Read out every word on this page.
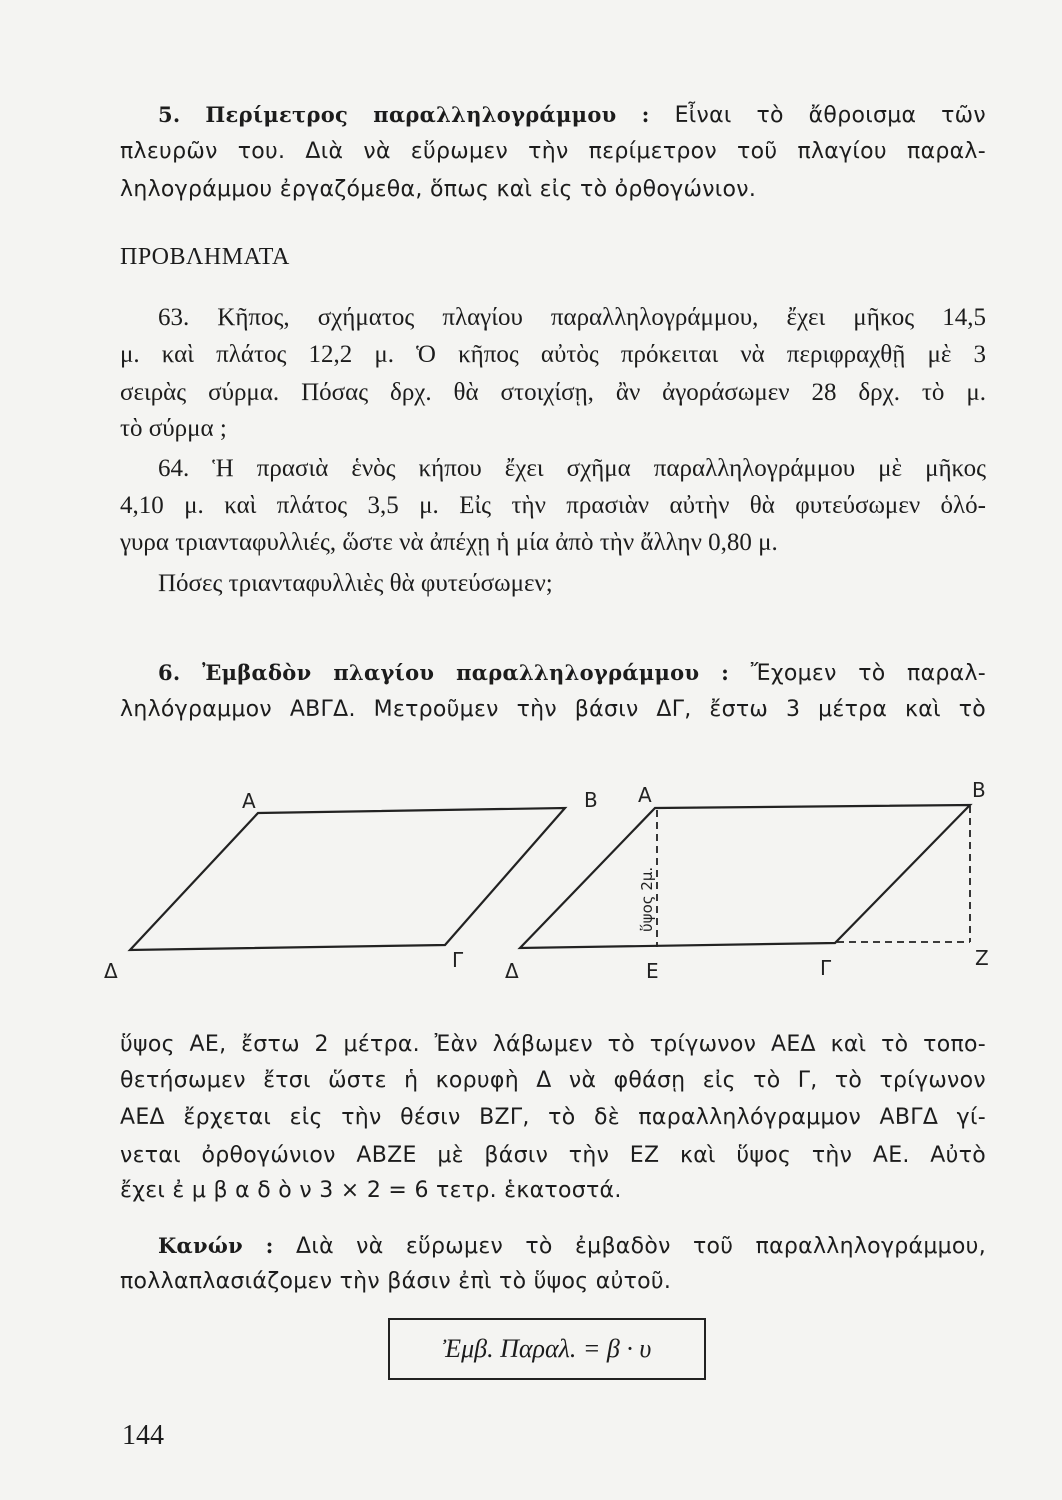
5. Περίμετρος παραλληλογράμμου : Εἶναι τὸ ἄθροισμα τῶν
πλευρῶν του. Διὰ νὰ εὕρωμεν τὴν περίμετρον τοῦ πλαγίου παραλ-
ληλογράμμου ἐργαζόμεθα, ὅπως καὶ εἰς τὸ ὀρθογώνιον.
ΠΡΟΒΛΗΜΑΤΑ
63. Κῆπος, σχήματος πλαγίου παραλληλογράμμου, ἔχει μῆκος 14,5
μ. καὶ πλάτος 12,2 μ. Ὁ κῆπος αὐτὸς πρόκειται νὰ περιφραχθῇ μὲ 3
σειρὰς σύρμα. Πόσας δρχ. θὰ στοιχίσῃ, ἂν ἀγοράσωμεν 28 δρχ. τὸ μ.
τὸ σύρμα ;
64. Ἡ πρασιὰ ἑνὸς κήπου ἔχει σχῆμα παραλληλογράμμου μὲ μῆκος
4,10 μ. καὶ πλάτος 3,5 μ. Εἰς τὴν πρασιὰν αὐτὴν θὰ φυτεύσωμεν ὁλό-
γυρα τριανταφυλλιές, ὥστε νὰ ἀπέχῃ ἡ μία ἀπὸ τὴν ἄλλην 0,80 μ.
Πόσες τριανταφυλλιὲς θὰ φυτεύσωμεν;
6. Ἐμβαδὸν πλαγίου παραλληλογράμμου : Ἔχομεν τὸ παραλ-
ληλόγραμμον ΑΒΓΔ. Μετροῦμεν τὴν βάσιν ΔΓ, ἔστω 3 μέτρα καὶ τὸ
A	B
Γ
Δ
A	B
Γ
Δ	E
Z
ὕψος 2μ.
ὕψος ΑΕ, ἔστω 2 μέτρα. Ἐὰν λάβωμεν τὸ τρίγωνον ΑΕΔ καὶ τὸ τοπο-
θετήσωμεν ἔτσι ὥστε ἡ κορυφὴ Δ νὰ φθάσῃ εἰς τὸ Γ, τὸ τρίγωνον
ΑΕΔ ἔρχεται εἰς τὴν θέσιν ΒΖΓ, τὸ δὲ παραλληλόγραμμον ΑΒΓΔ γί-
νεται ὀρθογώνιον ΑΒΖΕ μὲ βάσιν τὴν ΕΖ καὶ ὕψος τὴν ΑΕ. Αὐτὸ
ἔχει ἐ μ β α δ ὸ ν 3 × 2 = 6 τετρ. ἑκατοστά.
Κανών : Διὰ νὰ εὕρωμεν τὸ ἐμβαδὸν τοῦ παραλληλογράμμου,
πολλαπλασιάζομεν τὴν βάσιν ἐπὶ τὸ ὕψος αὐτοῦ.
Ἐμβ. Παραλ. = β · υ
144
